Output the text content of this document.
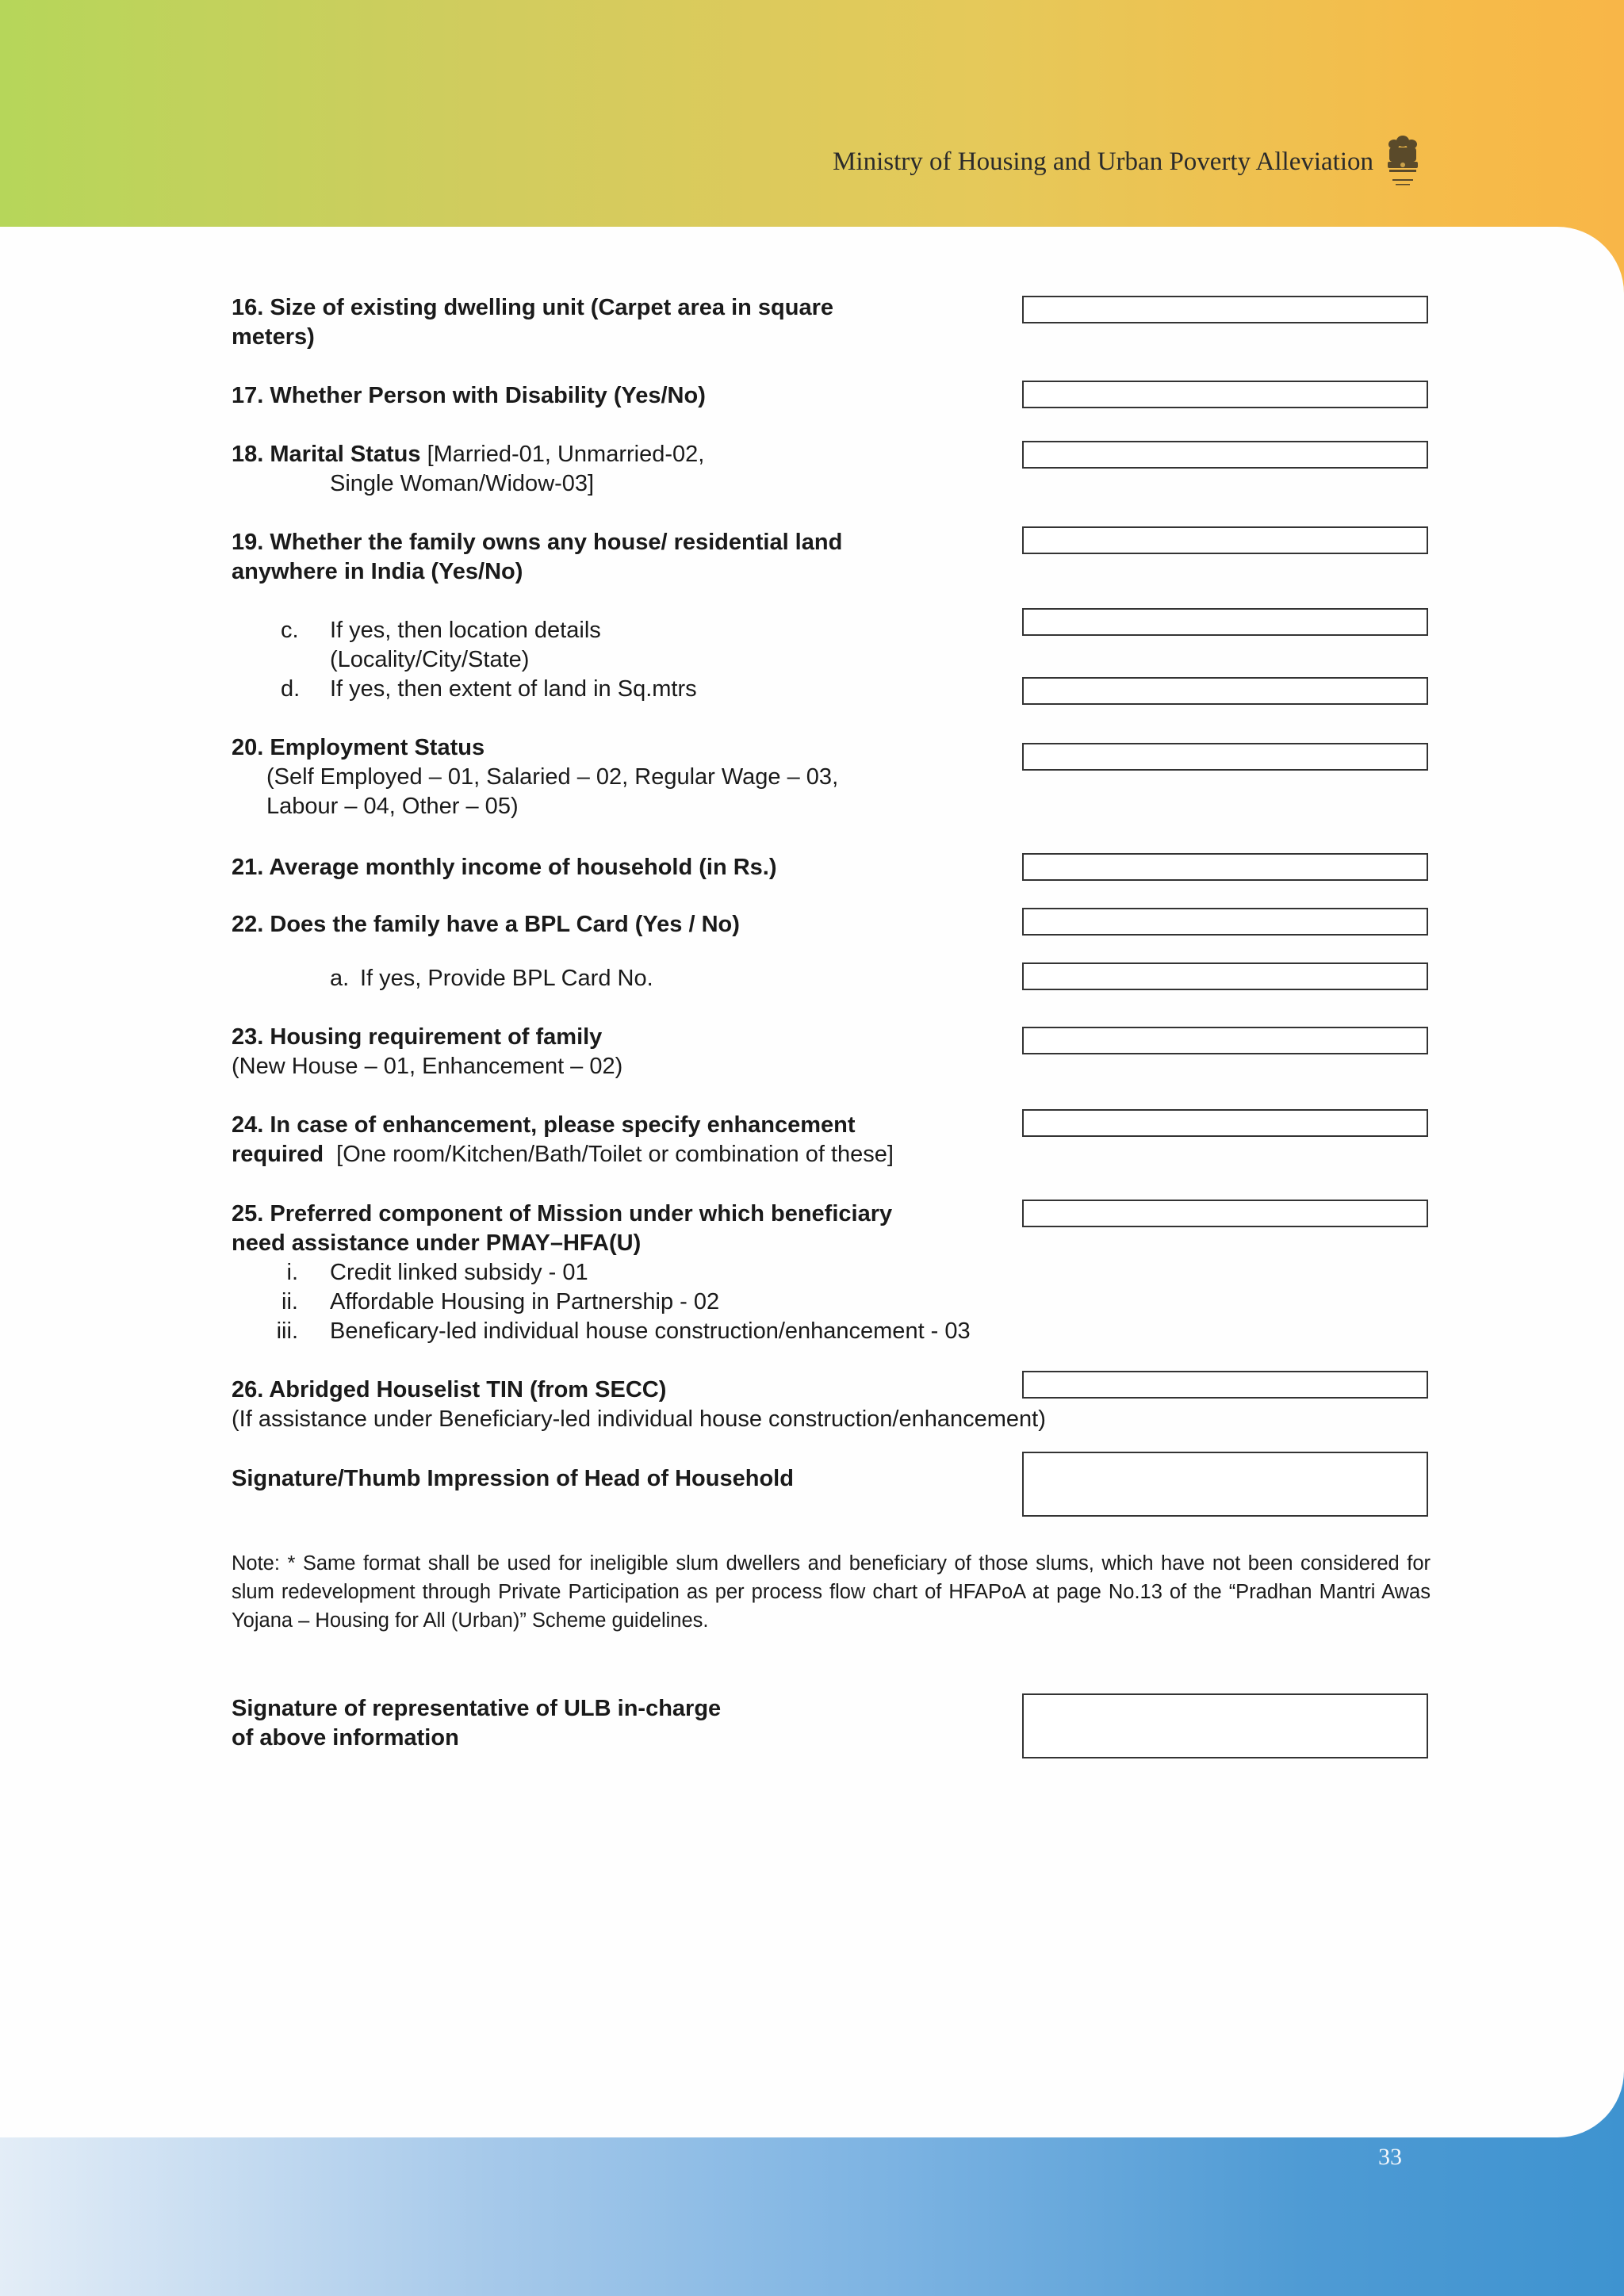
Ministry of Housing and Urban Poverty Alleviation
16. Size of existing dwelling unit (Carpet area in square
meters)
17. Whether Person with Disability (Yes/No)
18. Marital Status [Married-01, Unmarried-02,
Single Woman/Widow-03]
19. Whether the family owns any house/ residential land
anywhere in India (Yes/No)
c. If yes, then location details
(Locality/City/State)
d. If yes, then extent of land in Sq.mtrs
20. Employment Status
(Self Employed – 01, Salaried – 02, Regular Wage – 03,
Labour – 04, Other – 05)
21. Average monthly income of household (in Rs.)
22. Does the family have a BPL Card (Yes / No)
a. If yes, Provide BPL Card No.
23. Housing requirement of family
(New House – 01, Enhancement – 02)
24. In case of enhancement, please specify enhancement
required [One room/Kitchen/Bath/Toilet or combination of these]
25. Preferred component of Mission under which beneficiary
need assistance under PMAY–HFA(U)
i. Credit linked subsidy - 01
ii. Affordable Housing in Partnership - 02
iii. Beneficary-led individual house construction/enhancement - 03
26. Abridged Houselist TIN (from SECC)
(If assistance under Beneficiary-led individual house construction/enhancement)
Signature/Thumb Impression of Head of Household
Note: * Same format shall be used for ineligible slum dwellers and beneficiary of those slums, which have not been considered for slum redevelopment through Private Participation as per process flow chart of HFAPoA at page No.13 of the “Pradhan Mantri Awas Yojana – Housing for All (Urban)” Scheme guidelines.
Signature of representative of ULB in-charge
of above information
33
